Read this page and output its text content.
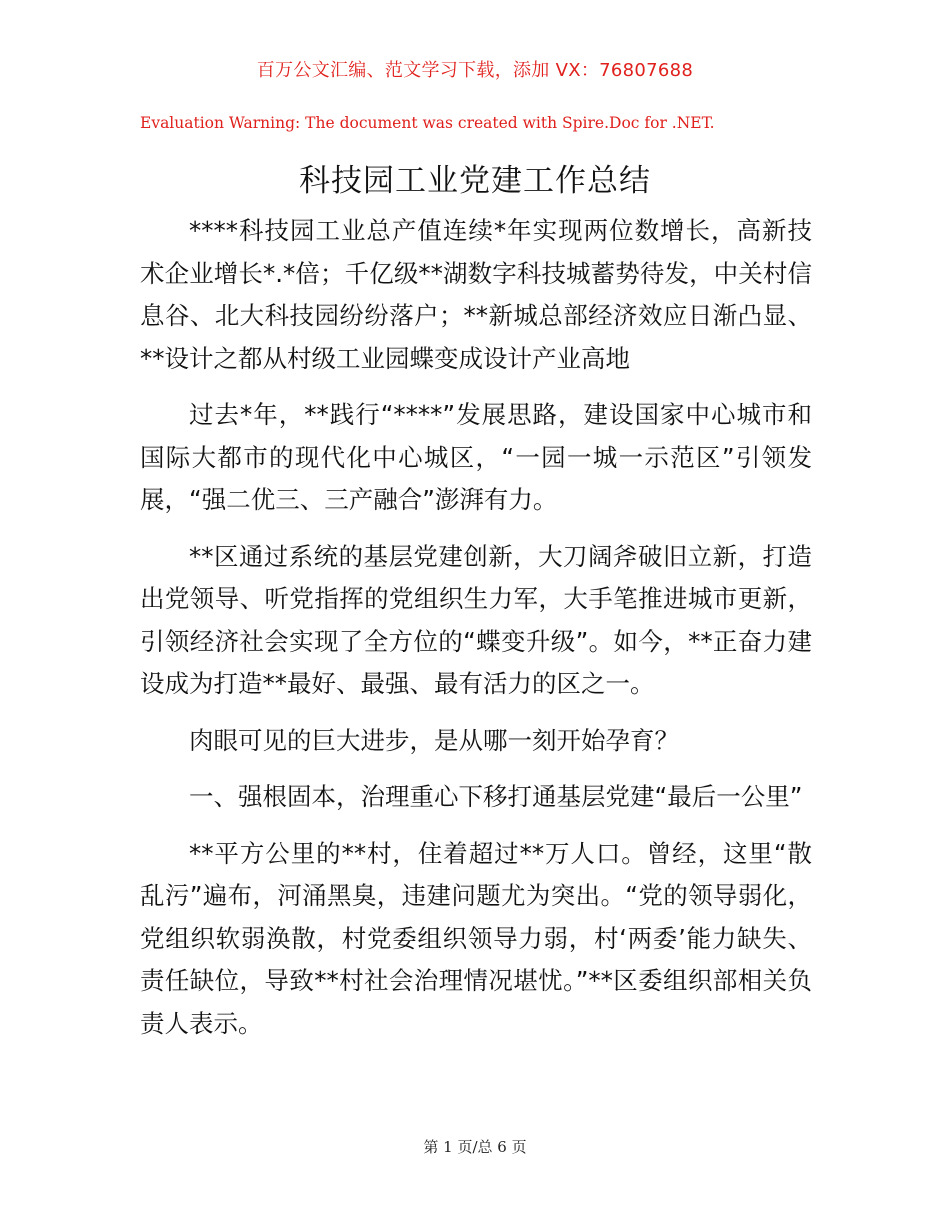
百万公文汇编、范文学习下载，添加 VX：76807688
Evaluation Warning: The document was created with Spire.Doc for .NET.
科技园工业党建工作总结

****科技园工业总产值连续*年实现两位数增长，高新技术企业增长*.*倍；千亿级**湖数字科技城蓄势待发，中关村信息谷、北大科技园纷纷落户；**新城总部经济效应日渐凸显、**设计之都从村级工业园蝶变成设计产业高地

过去*年，**践行“****”发展思路，建设国家中心城市和国际大都市的现代化中心城区，“一园一城一示范区”引领发展，“强二优三、三产融合”澎湃有力。

**区通过系统的基层党建创新，大刀阔斧破旧立新，打造出党领导、听党指挥的党组织生力军，大手笔推进城市更新，引领经济社会实现了全方位的“蝶变升级”。如今，**正奋力建设成为打造**最好、最强、最有活力的区之一。

肉眼可见的巨大进步，是从哪一刻开始孕育？

一、强根固本，治理重心下移打通基层党建“最后一公里”

**平方公里的**村，住着超过**万人口。曾经，这里“散乱污”遍布，河涌黑臭，违建问题尤为突出。“党的领导弱化，党组织软弱涣散，村党委组织领导力弱，村‘两委’能力缺失、责任缺位，导致**村社会治理情况堪忧。”**区委组织部相关负责人表示。

第 1 页/总 6 页
